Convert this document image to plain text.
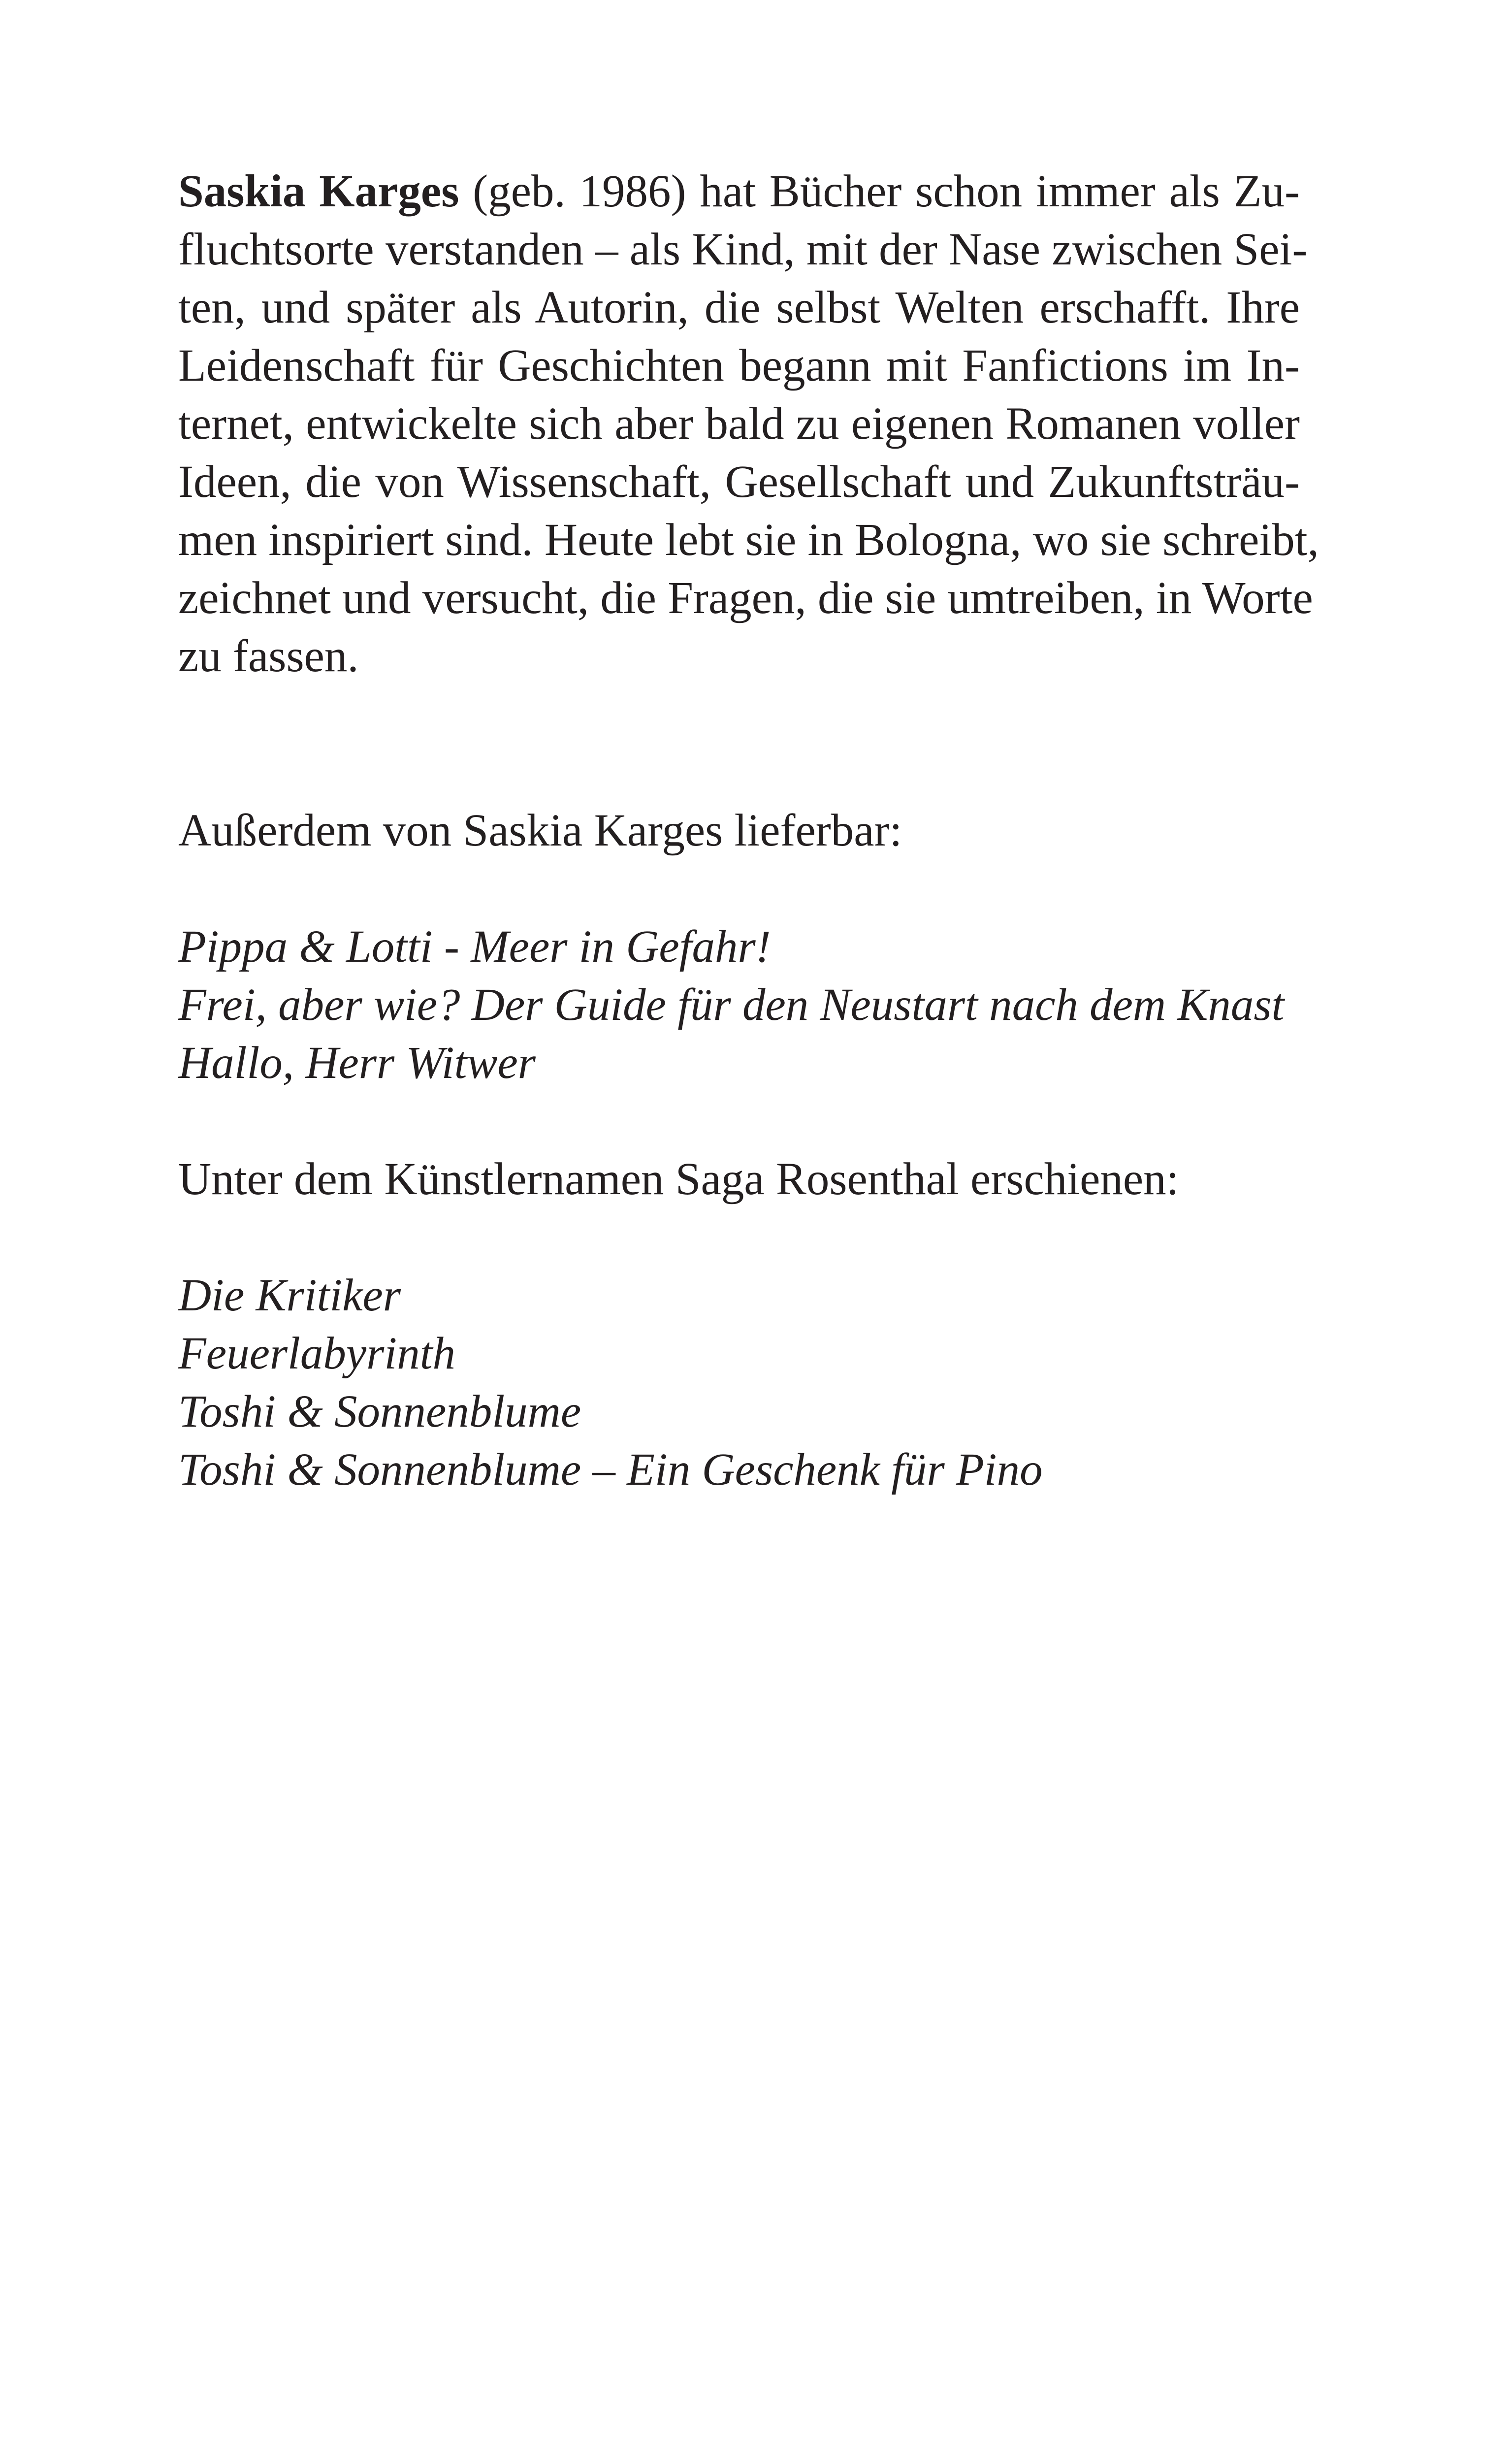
Saskia Karges (geb. 1986) hat Bücher schon immer als Zu-
fluchtsorte verstanden – als Kind, mit der Nase zwischen Sei-
ten, und später als Autorin, die selbst Welten erschafft. Ihre
Leidenschaft für Geschichten begann mit Fanfictions im In-
ternet, entwickelte sich aber bald zu eigenen Romanen voller
Ideen, die von Wissenschaft, Gesellschaft und Zukunftsträu-
men inspiriert sind. Heute lebt sie in Bologna, wo sie schreibt,
zeichnet und versucht, die Fragen, die sie umtreiben, in Worte
zu fassen.

Außerdem von Saskia Karges lieferbar:

Pippa & Lotti - Meer in Gefahr!
Frei, aber wie? Der Guide für den Neustart nach dem Knast
Hallo, Herr Witwer

Unter dem Künstlernamen Saga Rosenthal erschienen:

Die Kritiker
Feuerlabyrinth
Toshi & Sonnenblume
Toshi & Sonnenblume – Ein Geschenk für Pino
